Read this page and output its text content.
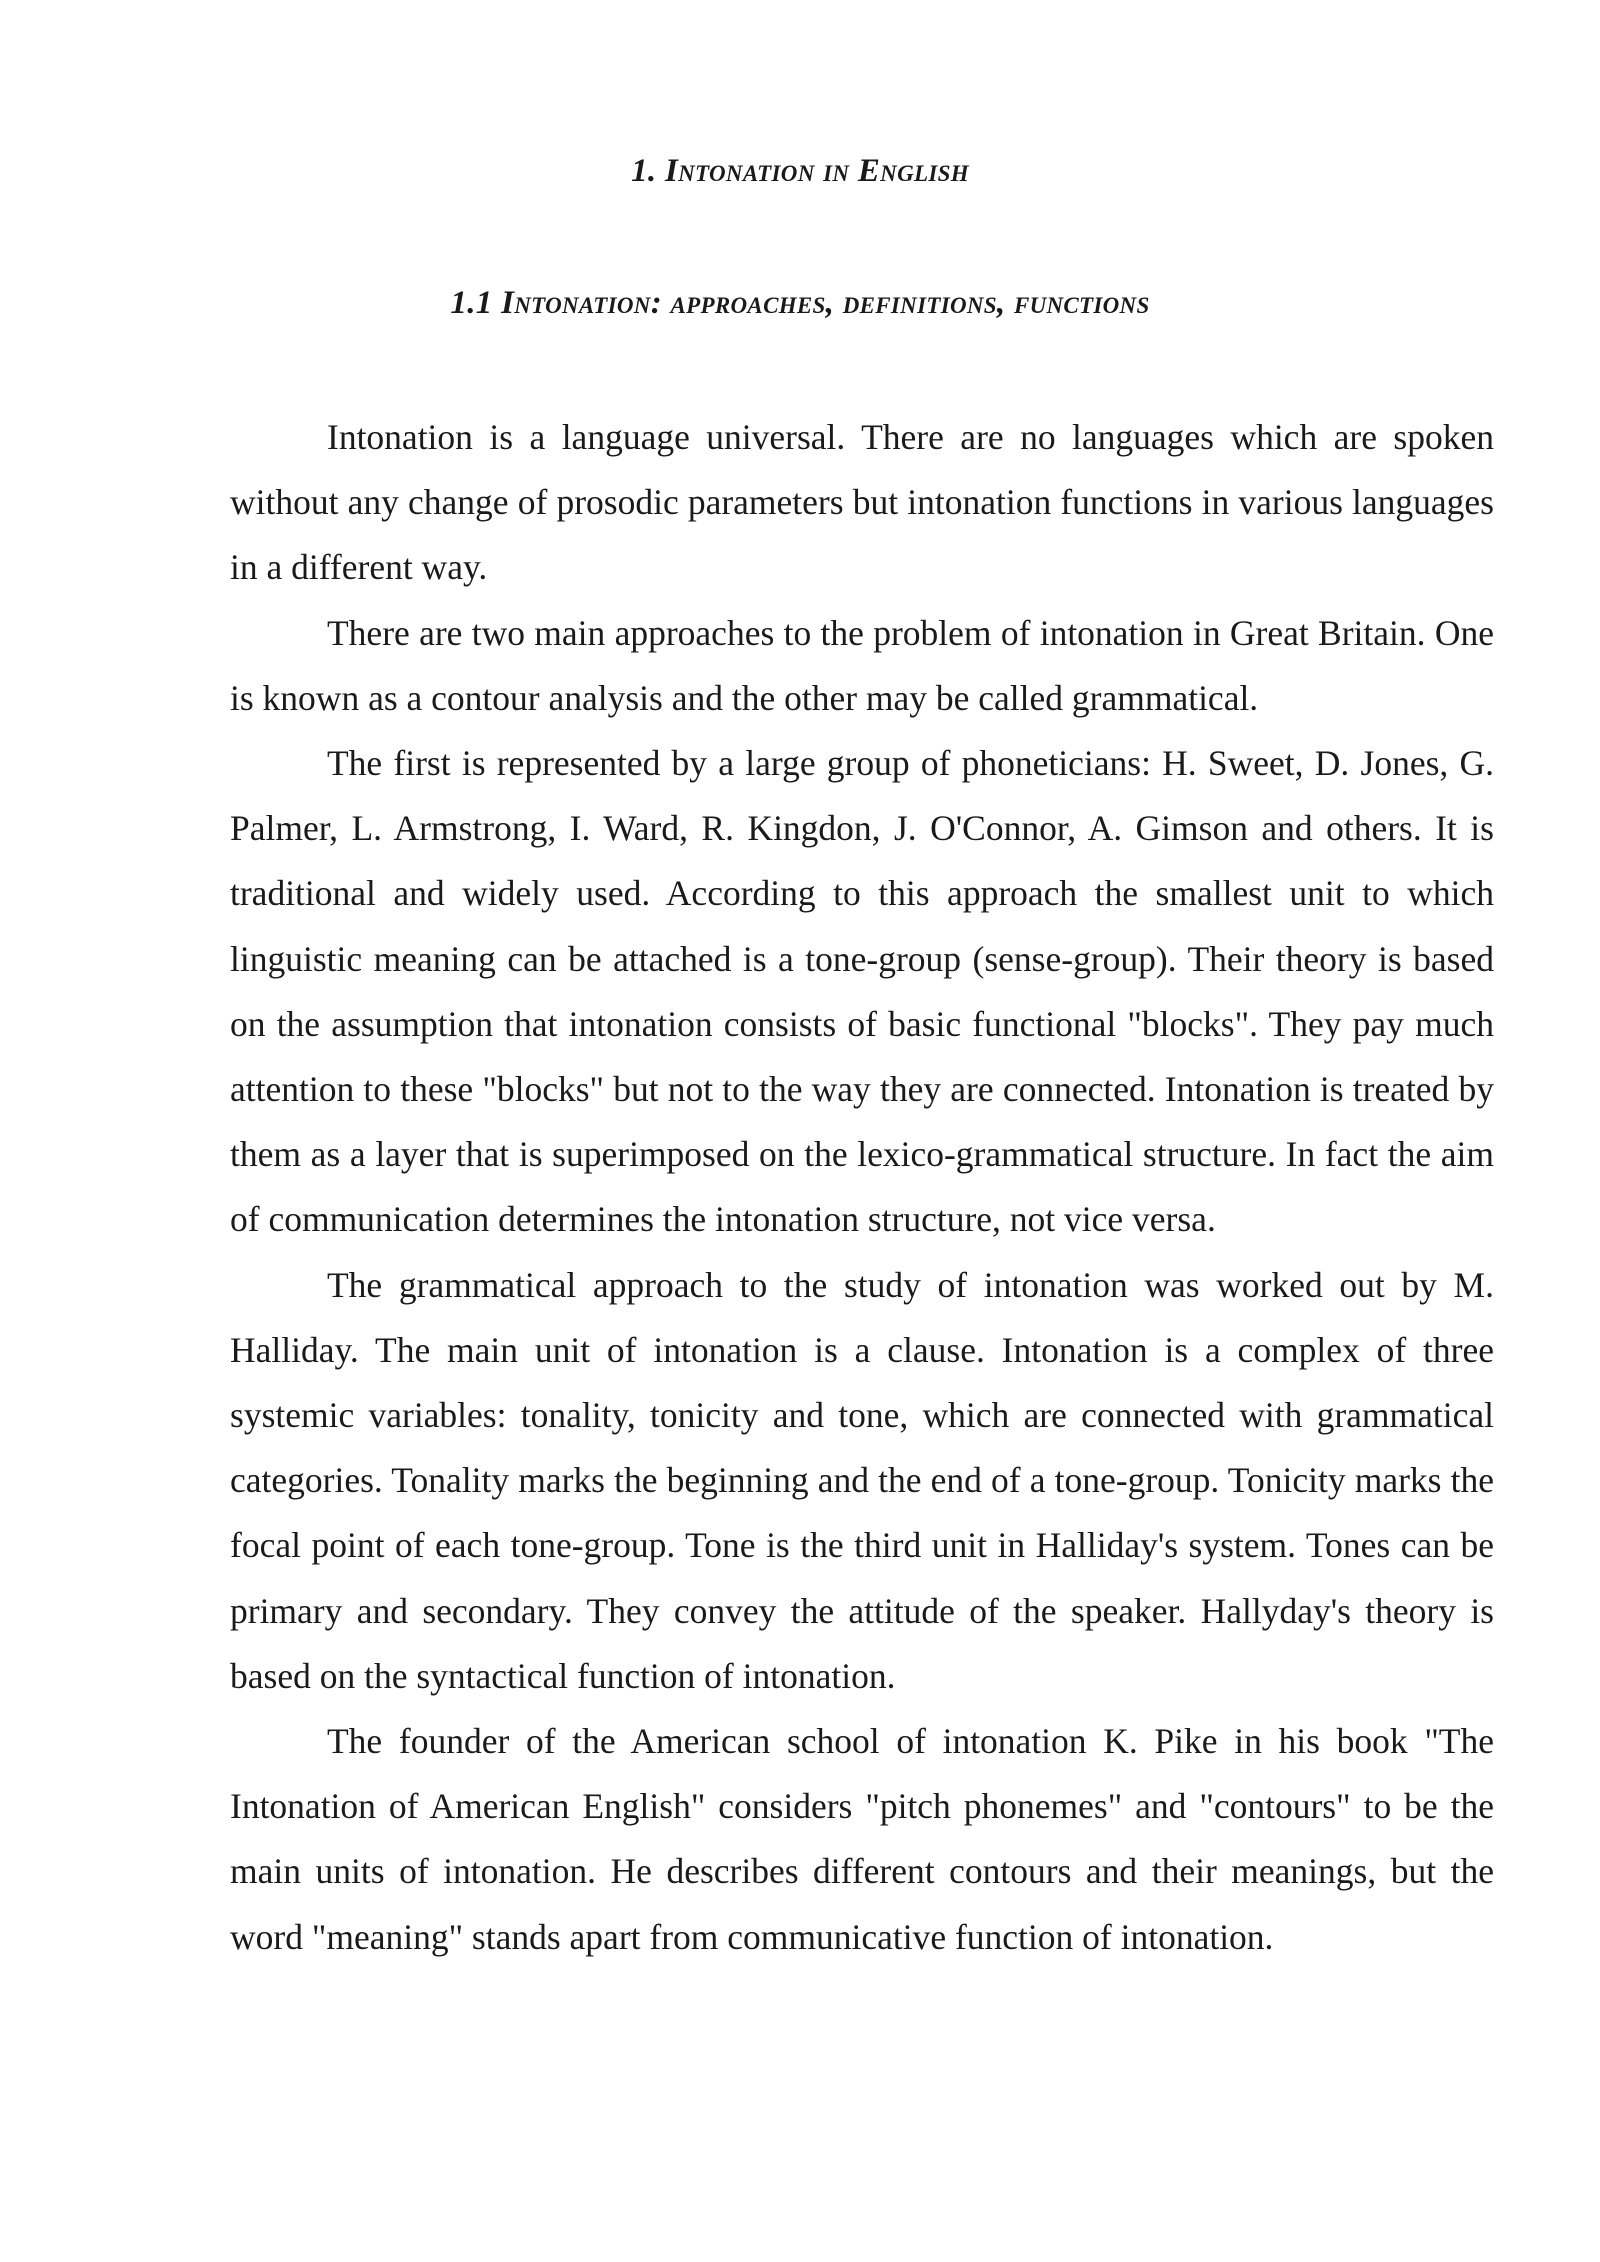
1. Intonation in English
1.1 Intonation: approaches, definitions, functions

Intonation is a language universal. There are no languages which are spoken without any change of prosodic parameters but intonation functions in various languages in a different way.

There are two main approaches to the problem of intonation in Great Britain. One is known as a contour analysis and the other may be called grammatical.

The first is represented by a large group of phoneticians: H. Sweet, D. Jones, G. Palmer, L. Armstrong, I. Ward, R. Kingdon, J. O'Connor, A. Gimson and others. It is traditional and widely used. According to this approach the smallest unit to which linguistic meaning can be attached is a tone-group (sense-group). Their theory is based on the assumption that intonation consists of basic functional "blocks". They pay much attention to these "blocks" but not to the way they are connected. Intonation is treated by them as a layer that is superimposed on the lexico-grammatical structure. In fact the aim of communication determines the intonation structure, not vice versa.

The grammatical approach to the study of intonation was worked out by M. Halliday. The main unit of intonation is a clause. Intonation is a complex of three systemic variables: tonality, tonicity and tone, which are connected with grammatical categories. Tonality marks the beginning and the end of a tone-group. Tonicity marks the focal point of each tone-group. Tone is the third unit in Halliday's system. Tones can be primary and secondary. They convey the attitude of the speaker. Hallyday's theory is based on the syntactical function of intonation.

The founder of the American school of intonation K. Pike in his book "The Intonation of American English" considers "pitch phonemes" and "contours" to be the main units of intonation. He describes different contours and their meanings, but the word "meaning" stands apart from communicative function of intonation.
